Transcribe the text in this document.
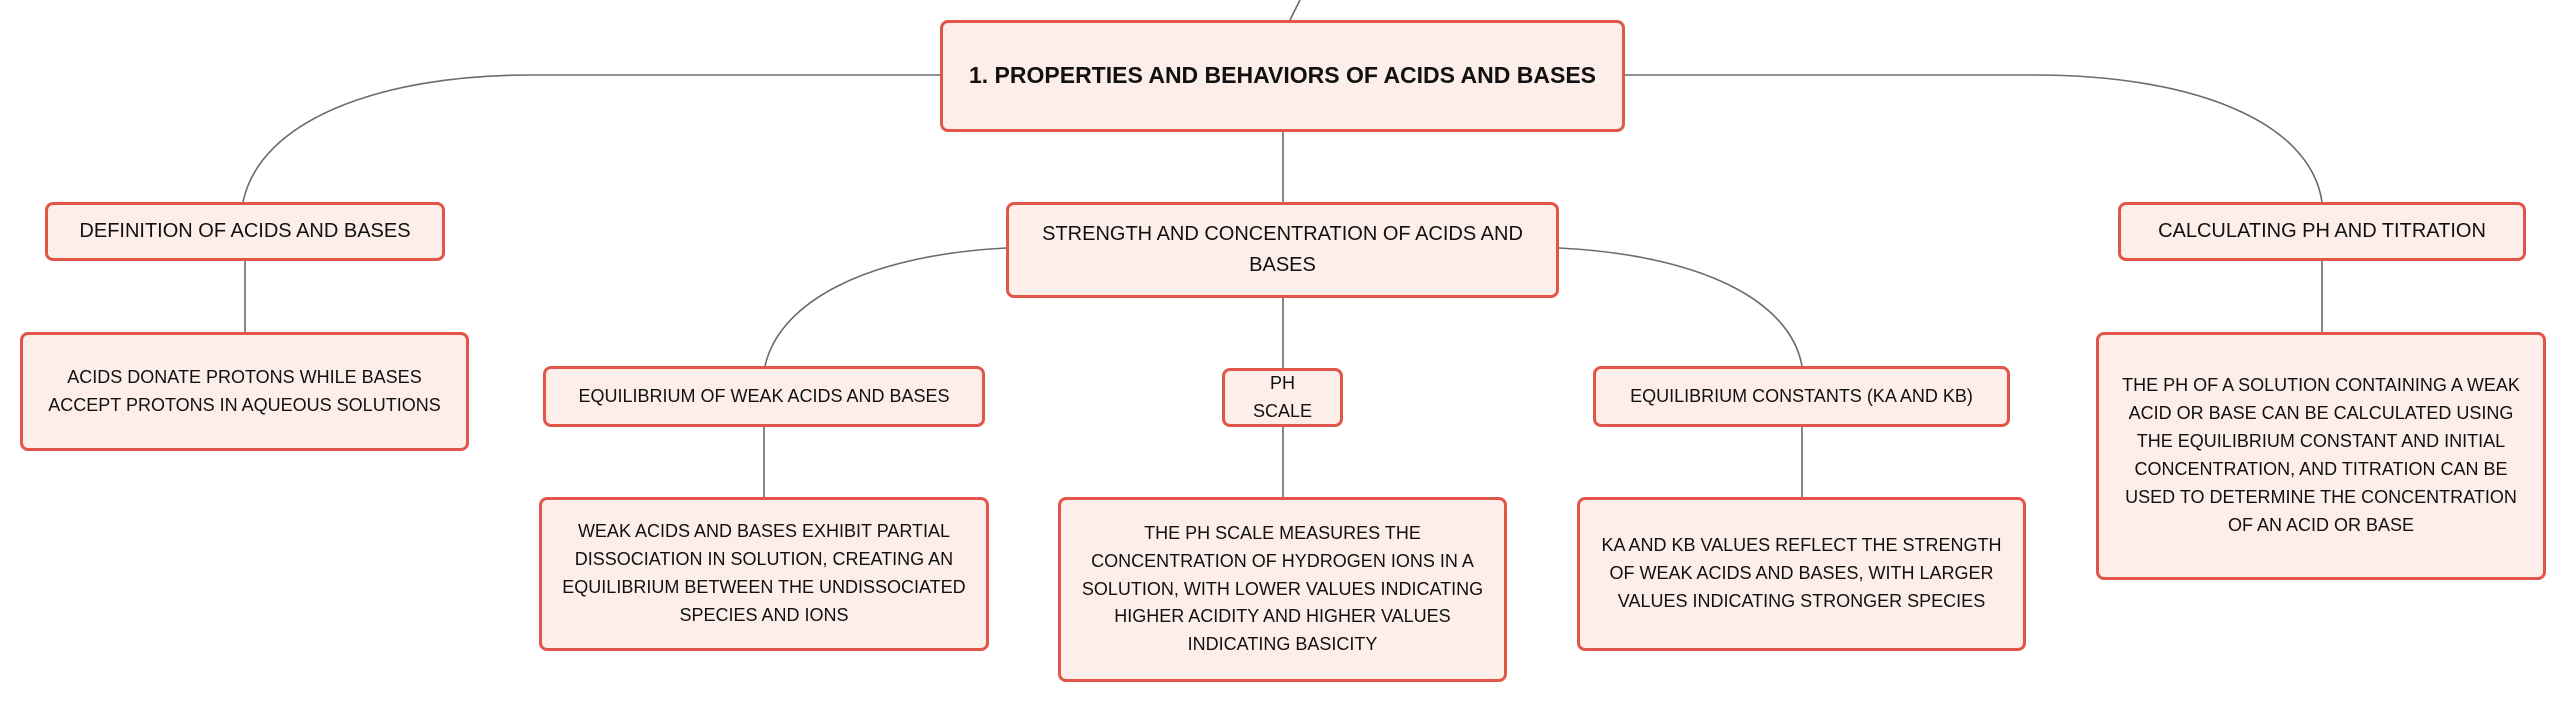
1. PROPERTIES AND BEHAVIORS OF ACIDS AND BASES
DEFINITION OF ACIDS AND BASES	STRENGTH AND CONCENTRATION OF ACIDS AND BASES
CALCULATING PH AND TITRATION
ACIDS DONATE PROTONS WHILE BASES ACCEPT PROTONS IN AQUEOUS SOLUTIONS	EQUILIBRIUM OF WEAK ACIDS AND BASES
PH SCALE
EQUILIBRIUM CONSTANTS (KA AND KB)
WEAK ACIDS AND BASES EXHIBIT PARTIAL DISSOCIATION IN SOLUTION, CREATING AN EQUILIBRIUM BETWEEN THE UNDISSOCIATED SPECIES AND IONS
THE PH SCALE MEASURES THE CONCENTRATION OF HYDROGEN IONS IN A SOLUTION, WITH LOWER VALUES INDICATING HIGHER ACIDITY AND HIGHER VALUES INDICATING BASICITY
KA AND KB VALUES REFLECT THE STRENGTH OF WEAK ACIDS AND BASES, WITH LARGER VALUES INDICATING STRONGER SPECIES
THE PH OF A SOLUTION CONTAINING A WEAK ACID OR BASE CAN BE CALCULATED USING THE EQUILIBRIUM CONSTANT AND INITIAL CONCENTRATION, AND TITRATION CAN BE USED TO DETERMINE THE CONCENTRATION OF AN ACID OR BASE
